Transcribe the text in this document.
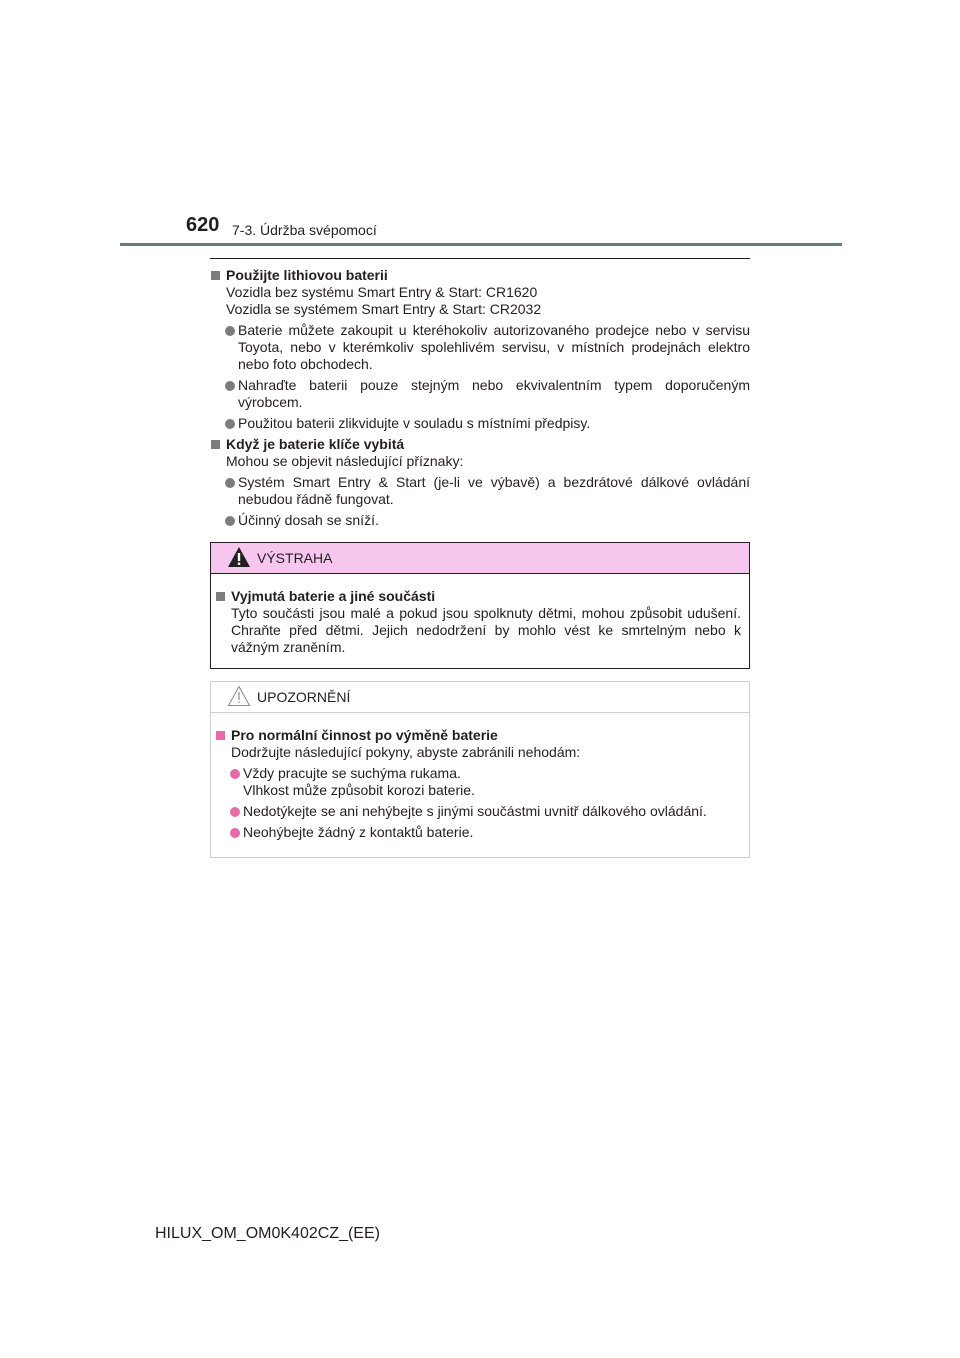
620 7-3. Údržba svépomocí
Použijte lithiovou baterii
Vozidla bez systému Smart Entry & Start: CR1620
Vozidla se systémem Smart Entry & Start: CR2032
Baterie můžete zakoupit u kteréhokoliv autorizovaného prodejce nebo v servisu Toyota, nebo v kterémkoliv spolehlivém servisu, v místních prodejnách elektro nebo foto obchodech.
Nahraďte baterii pouze stejným nebo ekvivalentním typem doporučeným výrobcem.
Použitou baterii zlikvidujte v souladu s místními předpisy.
Když je baterie klíče vybitá
Mohou se objevit následující příznaky:
Systém Smart Entry & Start (je-li ve výbavě) a bezdrátové dálkové ovládání nebudou řádně fungovat.
Účinný dosah se sníží.
VÝSTRAHA
Vyjmutá baterie a jiné součásti
Tyto součásti jsou malé a pokud jsou spolknuty dětmi, mohou způsobit udušení. Chraňte před dětmi. Jejich nedodržení by mohlo vést ke smrtelným nebo k vážným zraněním.
UPOZORNĚNÍ
Pro normální činnost po výměně baterie
Dodržujte následující pokyny, abyste zabránili nehodám:
Vždy pracujte se suchýma rukama.
Vlhkost může způsobit korozi baterie.
Nedotýkejte se ani nehýbejte s jinými součástmi uvnitř dálkového ovládání.
Neohýbejte žádný z kontaktů baterie.
HILUX_OM_OM0K402CZ_(EE)
